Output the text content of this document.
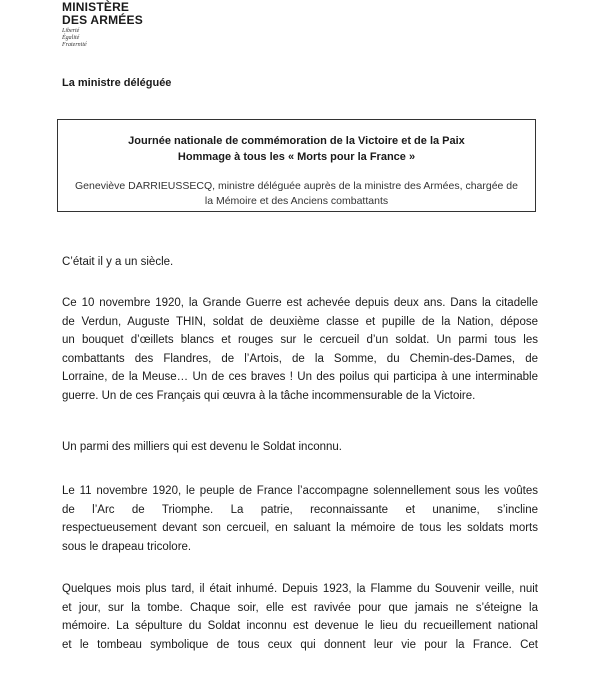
MINISTÈRE
DES ARMÉES
Liberté
Égalité
Fraternité
La ministre déléguée
Journée nationale de commémoration de la Victoire et de la Paix
Hommage à tous les « Morts pour la France »
Geneviève DARRIEUSSECQ, ministre déléguée auprès de la ministre des Armées, chargée de
la Mémoire et des Anciens combattants
C’était il y a un siècle.
Ce 10 novembre 1920, la Grande Guerre est achevée depuis deux ans. Dans la citadelle
de Verdun, Auguste THIN, soldat de deuxième classe et pupille de la Nation, dépose
un bouquet d’œillets blancs et rouges sur le cercueil d’un soldat. Un parmi tous les
combattants des Flandres, de l’Artois, de la Somme, du Chemin-des-Dames, de
Lorraine, de la Meuse… Un de ces braves ! Un des poilus qui participa à une interminable
guerre. Un de ces Français qui œuvra à la tâche incommensurable de la Victoire.
Un parmi des milliers qui est devenu le Soldat inconnu.
Le 11 novembre 1920, le peuple de France l’accompagne solennellement sous les voûtes
de l’Arc de Triomphe. La patrie, reconnaissante et unanime, s’incline
respectueusement devant son cercueil, en saluant la mémoire de tous les soldats morts
sous le drapeau tricolore.
Quelques mois plus tard, il était inhumé. Depuis 1923, la Flamme du Souvenir veille, nuit
et jour, sur la tombe. Chaque soir, elle est ravivée pour que jamais ne s’éteigne la
mémoire. La sépulture du Soldat inconnu est devenue le lieu du recueillement national
et le tombeau symbolique de tous ceux qui donnent leur vie pour la France. Cet
